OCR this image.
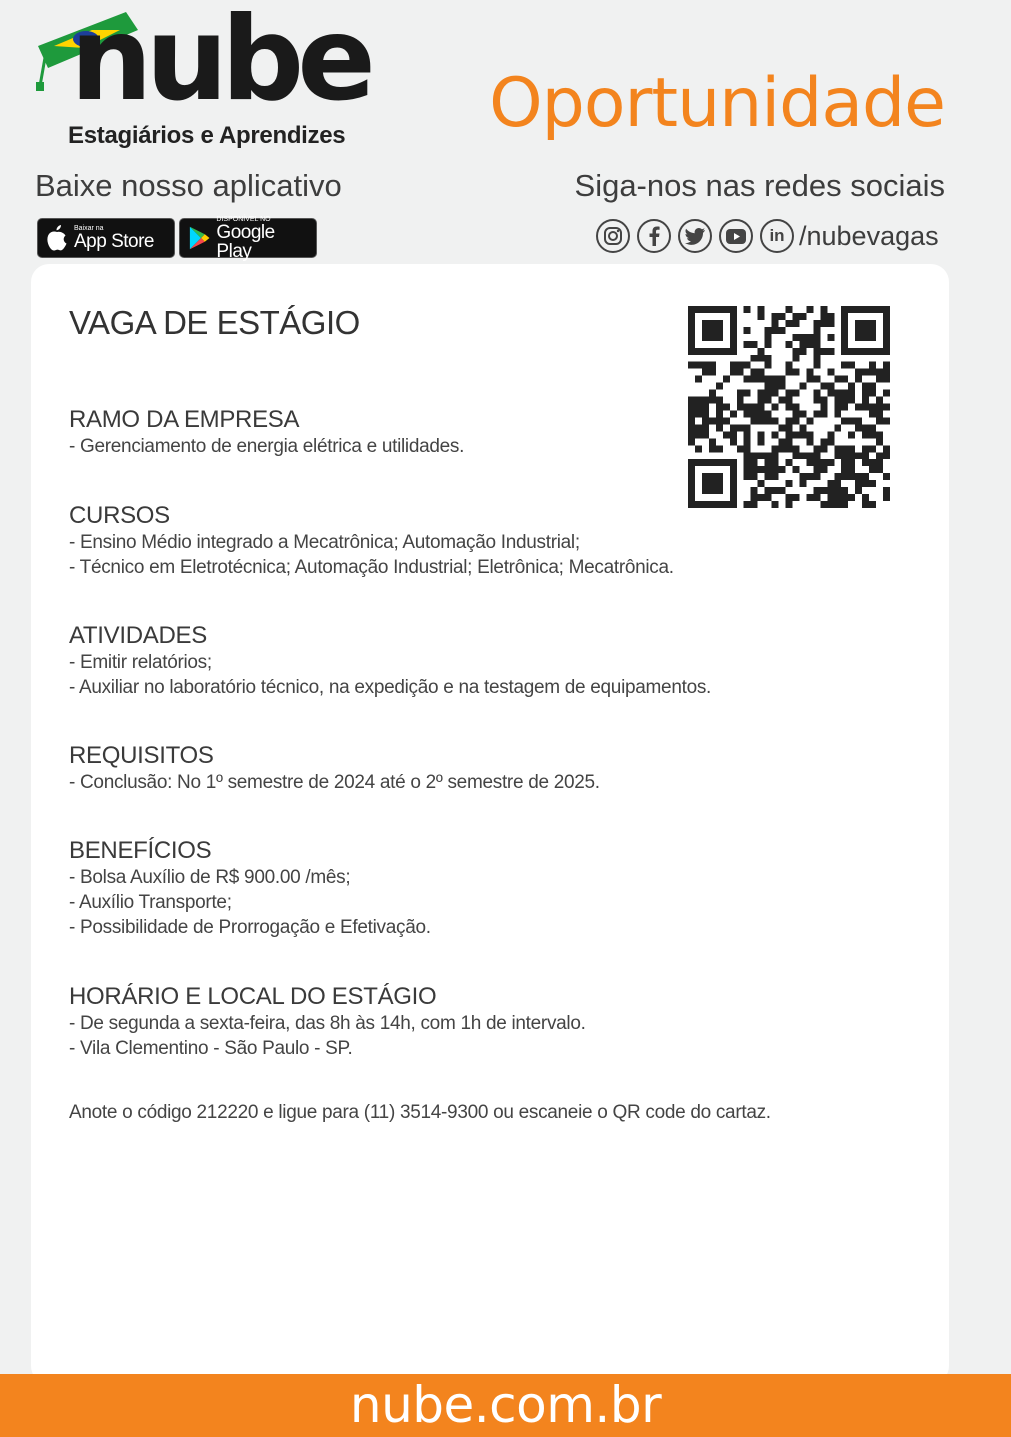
nube
Estagiários e Aprendizes Oportunidade
Baixe nosso aplicativo	Siga-nos nas redes sociais
Baixar na
App Store
DISPONÍVEL NO
Google Play
in /nubevagas
VAGA DE ESTÁGIO
RAMO DA EMPRESA
- Gerenciamento de energia elétrica e utilidades.
CURSOS
- Ensino Médio integrado a Mecatrônica; Automação Industrial;
- Técnico em Eletrotécnica; Automação Industrial; Eletrônica; Mecatrônica.
ATIVIDADES
- Emitir relatórios;
- Auxiliar no laboratório técnico, na expedição e na testagem de equipamentos.
REQUISITOS
- Conclusão: No 1º semestre de 2024 até o 2º semestre de 2025.
BENEFÍCIOS
- Bolsa Auxílio de R$ 900.00 /mês;
- Auxílio Transporte;
- Possibilidade de Prorrogação e Efetivação.
HORÁRIO E LOCAL DO ESTÁGIO
- De segunda a sexta-feira, das 8h às 14h, com 1h de intervalo.
- Vila Clementino - São Paulo - SP.
Anote o código 212220 e ligue para (11) 3514-9300 ou escaneie o QR code do cartaz.
nube.com.br
